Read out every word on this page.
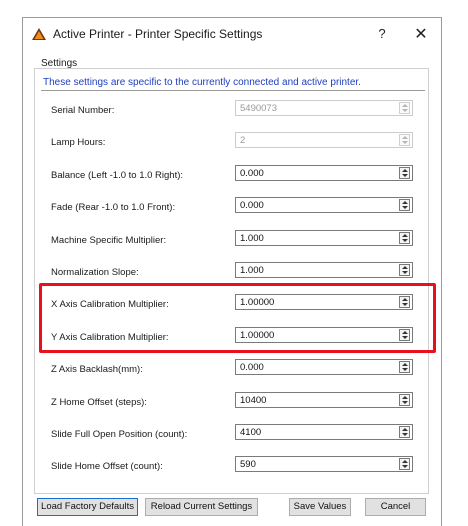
Active Printer - Printer Specific Settings	? ✕
Settings
These settings are specific to the currently connected and active printer.
Serial Number:	5490073
Lamp Hours:	2
Balance (Left -1.0 to 1.0 Right):	0.000
Fade (Rear -1.0 to 1.0 Front):	0.000
Machine Specific Multiplier:	1.000
Normalization Slope:	1.000
X Axis Calibration Multiplier:	1.00000
Y Axis Calibration Multiplier:	1.00000
Z Axis Backlash(mm):	0.000
Z Home Offset (steps):	10400
Slide Full Open Position (count):	4100
Slide Home Offset (count):	590
Load Factory Defaults	Reload Current Settings	Save Values	Cancel
